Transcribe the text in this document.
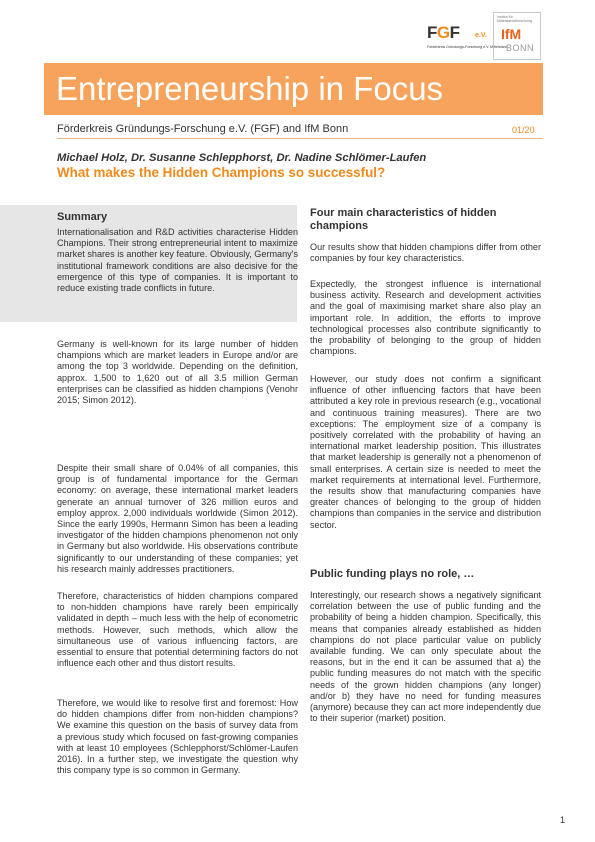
FGF	e.V.
Förderkreis Gründungs-Forschung e.V. Mittelstand
Institut für Mittelstandsforschung
IfM
BONN
Entrepreneurship in Focus
Förderkreis Gründungs-Forschung e.V. (FGF) and IfM Bonn	01/20
Michael Holz, Dr. Susanne Schlepphorst, Dr. Nadine Schlömer-Laufen
What makes the Hidden Champions so successful?
Summary

Internationalisation and R&D activities characterise Hidden Champions. Their strong entrepreneurial intent to maximize market shares is another key feature. Obviously, Germany's institutional framework conditions are also decisive for the emergence of this type of companies. It is important to reduce existing trade conflicts in future.

Germany is well-known for its large number of hidden champions which are market leaders in Europe and/or are among the top 3 worldwide. Depending on the definition, approx. 1,500 to 1,620 out of all 3.5 million German enterprises can be classified as hidden champions (Venohr 2015; Simon 2012).

Despite their small share of 0.04% of all companies, this group is of fundamental importance for the German economy: on average, these international market leaders generate an annual turnover of 326 million euros and employ approx. 2,000 individuals worldwide (Simon 2012). Since the early 1990s, Hermann Simon has been a leading investigator of the hidden champions phenomenon not only in Germany but also worldwide. His observations contribute significantly to our understanding of these companies; yet his research mainly addresses practitioners.

Therefore, characteristics of hidden champions compared to non-hidden champions have rarely been empirically validated in depth – much less with the help of econometric methods. However, such methods, which allow the simultaneous use of various influencing factors, are essential to ensure that potential determining factors do not influence each other and thus distort results.

Therefore, we would like to resolve first and foremost: How do hidden champions differ from non-hidden champions? We examine this question on the basis of survey data from a previous study which focused on fast-growing companies with at least 10 employees (Schlepphorst/Schlömer-Laufen 2016). In a further step, we investigate the question why this company type is so common in Germany.

Four main characteristics of hidden champions

Our results show that hidden champions differ from other companies by four key characteristics.

Expectedly, the strongest influence is international business activity. Research and development activities and the goal of maximising market share also play an important role. In addition, the efforts to improve technological processes also contribute significantly to the probability of belonging to the group of hidden champions.

However, our study does not confirm a significant influence of other influencing factors that have been attributed a key role in previous research (e.g., vocational and continuous training measures). There are two exceptions: The employment size of a company is positively correlated with the probability of having an international market leadership position. This illustrates that market leadership is generally not a phenomenon of small enterprises. A certain size is needed to meet the market requirements at international level. Furthermore, the results show that manufacturing companies have greater chances of belonging to the group of hidden champions than companies in the service and distribution sector.

Public funding plays no role, …

Interestingly, our research shows a negatively significant correlation between the use of public funding and the probability of being a hidden champion. Specifically, this means that companies already established as hidden champions do not place particular value on publicly available funding. We can only speculate about the reasons, but in the end it can be assumed that a) the public funding measures do not match with the specific needs of the grown hidden champions (any longer) and/or b) they have no need for funding measures (anymore) because they can act more independently due to their superior (market) position.

1
